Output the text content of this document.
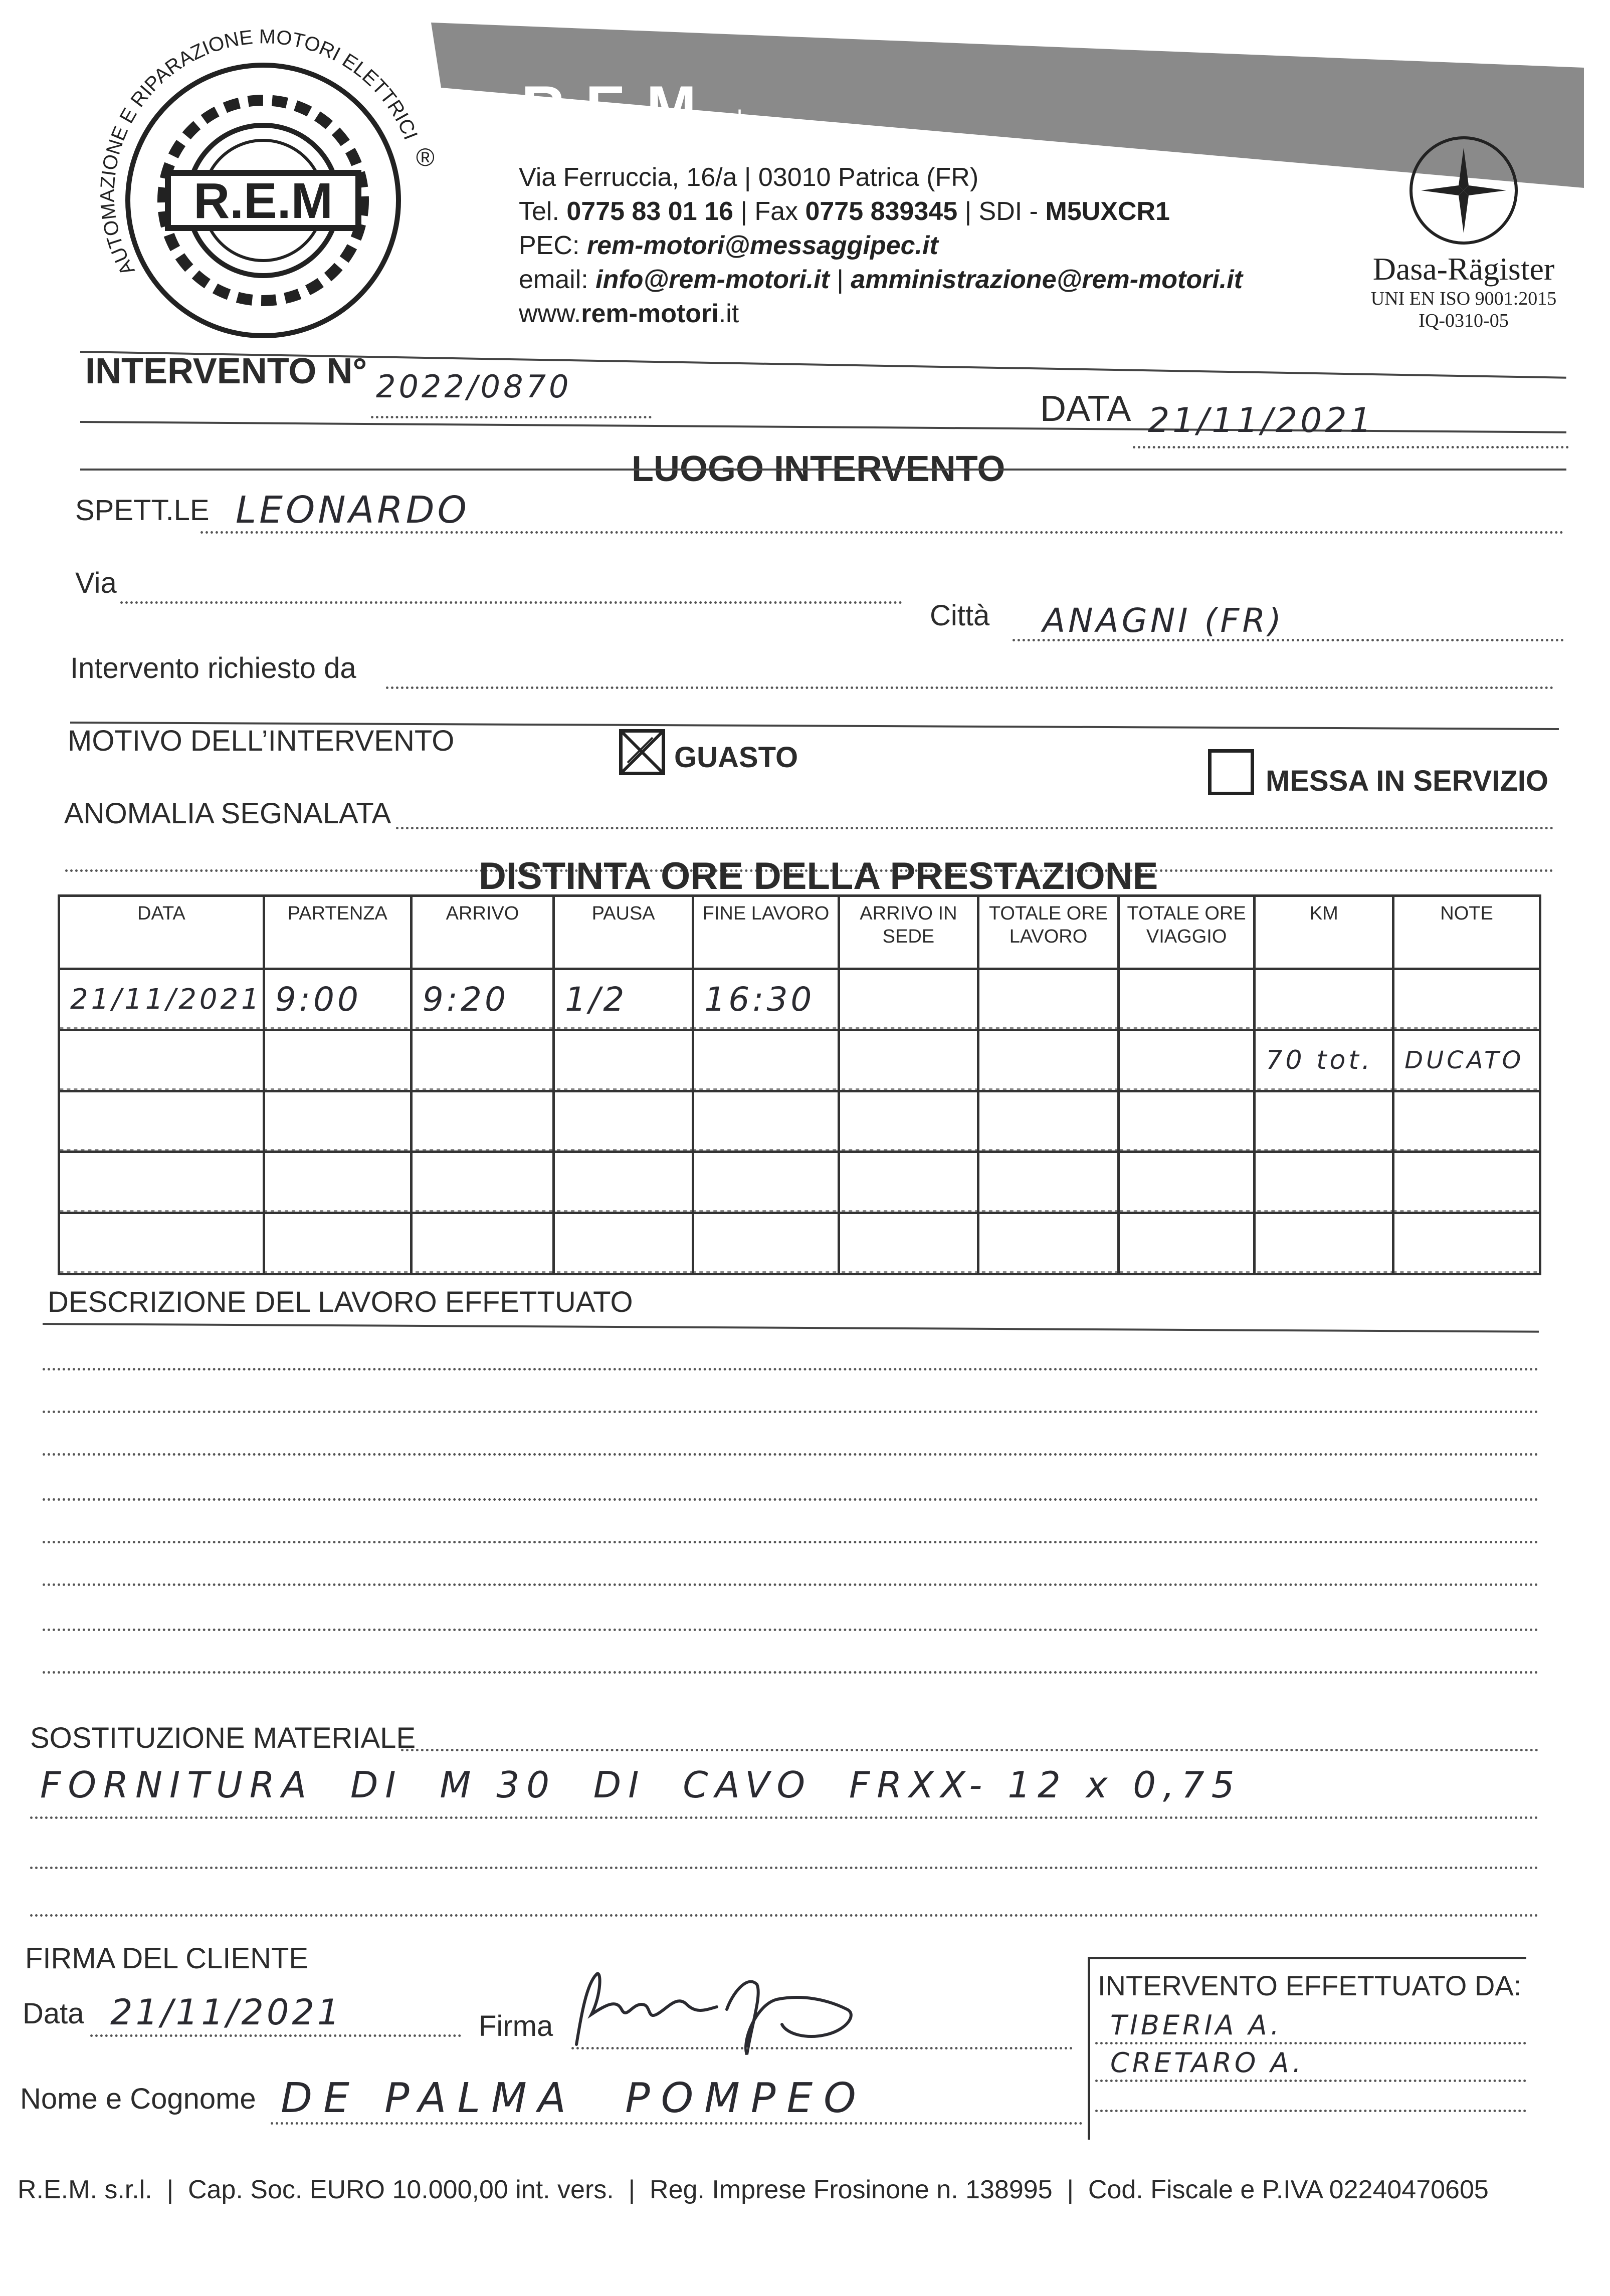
R.E.M
AUTOMAZIONE E RIPARAZIONE MOTORI ELETTRICI
®
R.E.M s.r.l.
Via Ferruccia, 16/a | 03010 Patrica (FR)
Tel. 0775 83 01 16 | Fax 0775 839345 | SDI - M5UXCR1
PEC: rem-motori@messaggipec.it
email: info@rem-motori.it | amministrazione@rem-motori.it
www.rem-motori.it
Dasa-Rägister
UNI EN ISO 9001:2015
IQ-0310-05
INTERVENTO N° 2022/0870
DATA 21/11/2021
LUOGO INTERVENTO
SPETT.LE LEONARDO
Via
Città ANAGNI (FR)
Intervento richiesto da
MOTIVO DELL’INTERVENTO
GUASTO
MESSA IN SERVIZIO
ANOMALIA SEGNALATA
DISTINTA ORE DELLA PRESTAZIONE
DATA	PARTENZA	ARRIVO	PAUSA	FINE LAVORO	ARRIVO IN SEDE	TOTALE ORE LAVORO	TOTALE ORE VIAGGIO	KM	NOTE
21/11/2021	9:00	9:20	1/2	16:30					
								70 tot.	DUCATO

DESCRIZIONE DEL LAVORO EFFETTUATO
SOSTITUZIONE MATERIALE
FORNITURA  DI  M 30  DI  CAVO  FRXX- 12 x 0,75
FIRMA DEL CLIENTE
Data 21/11/2021	Firma
Nome e Cognome DE PALMA  POMPEO
INTERVENTO EFFETTUATO DA:
TIBERIA A.
CRETARO A.
R.E.M. s.r.l.  |  Cap. Soc. EURO 10.000,00 int. vers.  |  Reg. Imprese Frosinone n. 138995  |  Cod. Fiscale e P.IVA 02240470605
